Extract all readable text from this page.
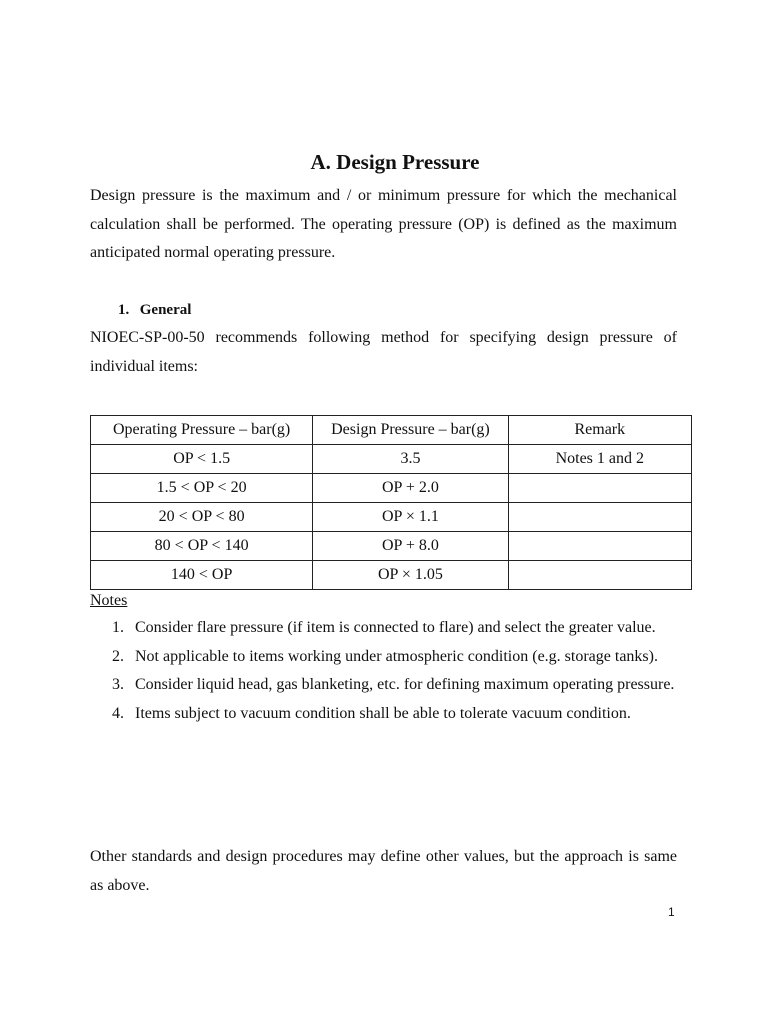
A. Design Pressure
Design pressure is the maximum and / or minimum pressure for which the mechanical calculation shall be performed. The operating pressure (OP) is defined as the maximum anticipated normal operating pressure.
1. General
NIOEC-SP-00-50 recommends following method for specifying design pressure of individual items:
Operating Pressure – bar(g)	Design Pressure – bar(g)	Remark
OP < 1.5	3.5	Notes 1 and 2
1.5 < OP < 20	OP + 2.0	
20 < OP < 80	OP × 1.1	
80 < OP < 140	OP + 8.0	
140 < OP	OP × 1.05	
Notes
1. Consider flare pressure (if item is connected to flare) and select the greater value.
2. Not applicable to items working under atmospheric condition (e.g. storage tanks).
3. Consider liquid head, gas blanketing, etc. for defining maximum operating pressure.
4. Items subject to vacuum condition shall be able to tolerate vacuum condition.
Other standards and design procedures may define other values, but the approach is same as above.
1
